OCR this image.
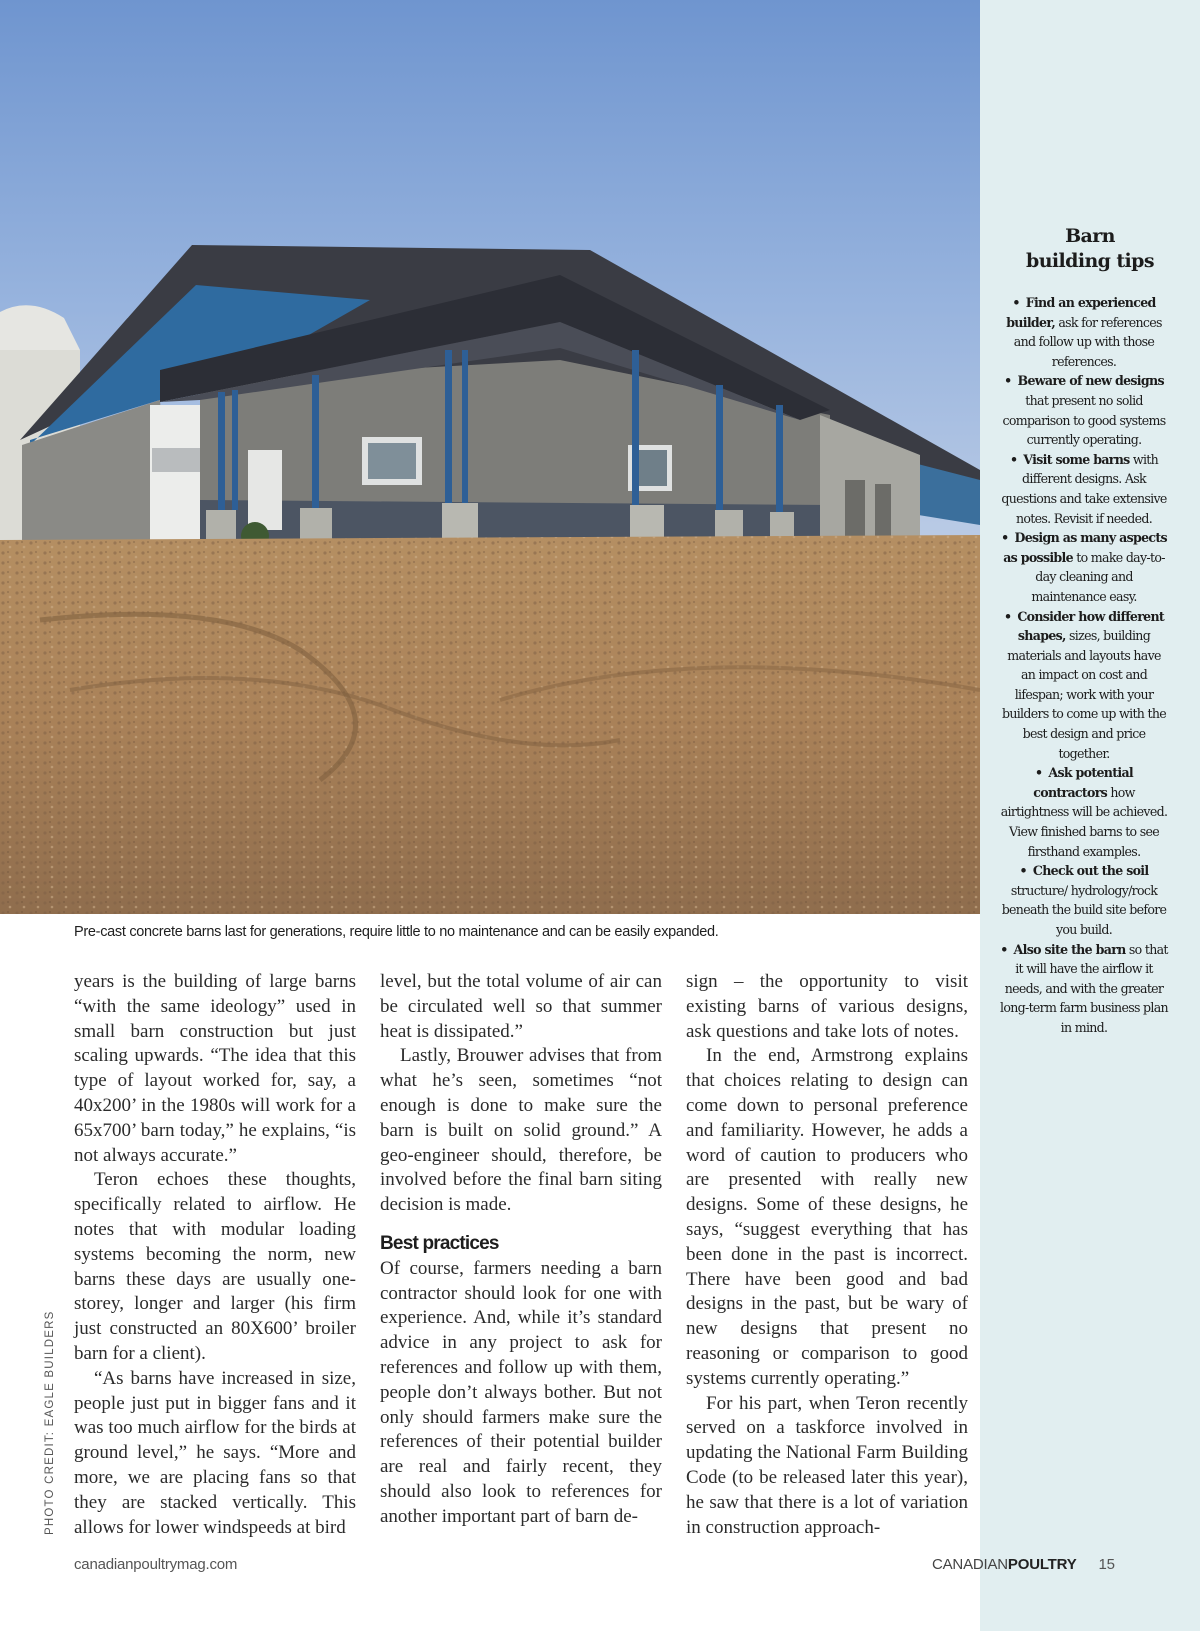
Pre-cast concrete barns last for generations, require little to no maintenance and can be easily expanded.

years is the building of large barns “with the same ideology” used in small barn construction but just scaling upwards. “The idea that this type of layout worked for, say, a 40x200’ in the 1980s will work for a 65x700’ barn today,” he explains, “is not always accurate.”

Teron echoes these thoughts, specifically related to airflow. He notes that with modular loading systems becoming the norm, new barns these days are usually one-storey, longer and larger (his firm just constructed an 80X600’ broiler barn for a client).

“As barns have increased in size, people just put in bigger fans and it was too much airflow for the birds at ground level,” he says. “More and more, we are placing fans so that they are stacked vertically. This allows for lower windspeeds at bird

level, but the total volume of air can be circulated well so that summer heat is dissipated.”

Lastly, Brouwer advises that from what he’s seen, sometimes “not enough is done to make sure the barn is built on solid ground.” A geo-engineer should, therefore, be involved before the final barn siting decision is made.

Best practices

Of course, farmers needing a barn contractor should look for one with experience. And, while it’s standard advice in any project to ask for references and follow up with them, people don’t always bother. But not only should farmers make sure the references of their potential builder are real and fairly recent, they should also look to references for another important part of barn de-

sign – the opportunity to visit existing barns of various designs, ask questions and take lots of notes.

In the end, Armstrong explains that choices relating to design can come down to personal preference and familiarity. However, he adds a word of caution to producers who are presented with really new designs. Some of these designs, he says, “suggest everything that has been done in the past is incorrect. There have been good and bad designs in the past, but be wary of new designs that present no reasoning or comparison to good systems currently operating.”

For his part, when Teron recently served on a taskforce involved in updating the National Farm Building Code (to be released later this year), he saw that there is a lot of variation in construction approach-

PHOTO CREDIT: EAGLE BUILDERS
Barn
building tips
• Find an experienced builder, ask for references and follow up with those references.
• Beware of new designs that present no solid comparison to good systems currently operating.
• Visit some barns with different designs. Ask questions and take extensive notes. Revisit if needed.
• Design as many aspects as possible to make day-to-day cleaning and maintenance easy.
• Consider how different shapes, sizes, building materials and layouts have an impact on cost and lifespan; work with your builders to come up with the best design and price together.
• Ask potential contractors how airtightness will be achieved. View finished barns to see firsthand examples.
• Check out the soil structure/ hydrology/rock beneath the build site before you build.
• Also site the barn so that it will have the airflow it needs, and with the greater long-term farm business plan in mind.
canadianpoultrymag.com	CANADIANPOULTRY 15
